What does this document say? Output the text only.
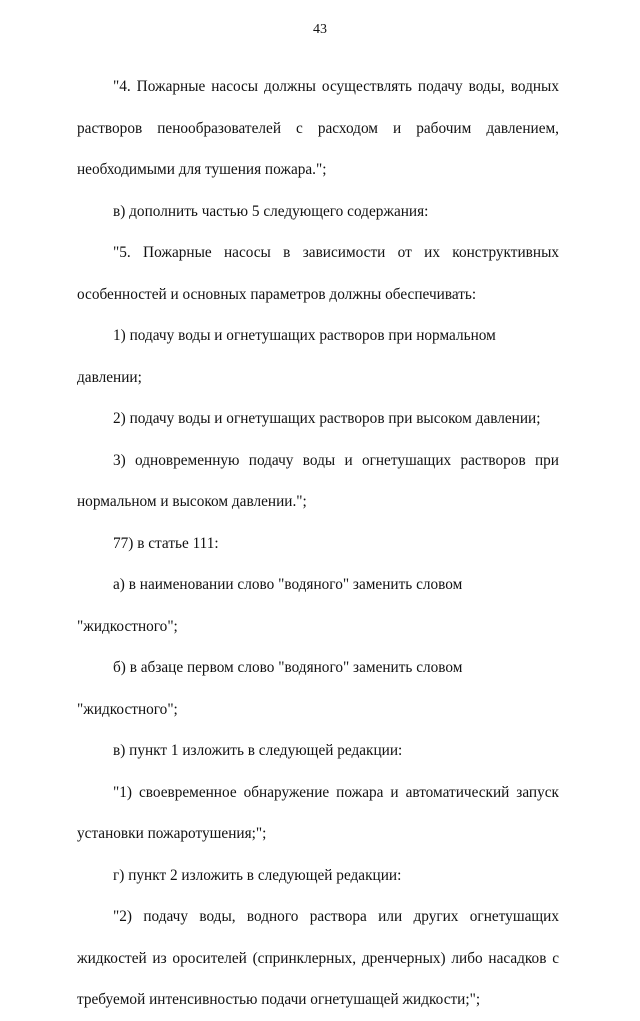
43

"4. Пожарные насосы должны осуществлять подачу воды, водных растворов пенообразователей с расходом и рабочим давлением, необходимыми для тушения пожара.";

в) дополнить частью 5 следующего содержания:

"5. Пожарные насосы в зависимости от их конструктивных особенностей и основных параметров должны обеспечивать:

1) подачу воды и огнетушащих растворов при нормальном давлении;

2) подачу воды и огнетушащих растворов при высоком давлении;

3) одновременную подачу воды и огнетушащих растворов при нормальном и высоком давлении.";

77) в статье 111:

а) в наименовании слово "водяного" заменить словом "жидкостного";

б) в абзаце первом слово "водяного" заменить словом "жидкостного";

в) пункт 1 изложить в следующей редакции:

"1) своевременное обнаружение пожара и автоматический запуск установки пожаротушения;";

г) пункт 2 изложить в следующей редакции:

"2) подачу воды, водного раствора или других огнетушащих жидкостей из оросителей (спринклерных, дренчерных) либо насадков с требуемой интенсивностью подачи огнетушащей жидкости;";
